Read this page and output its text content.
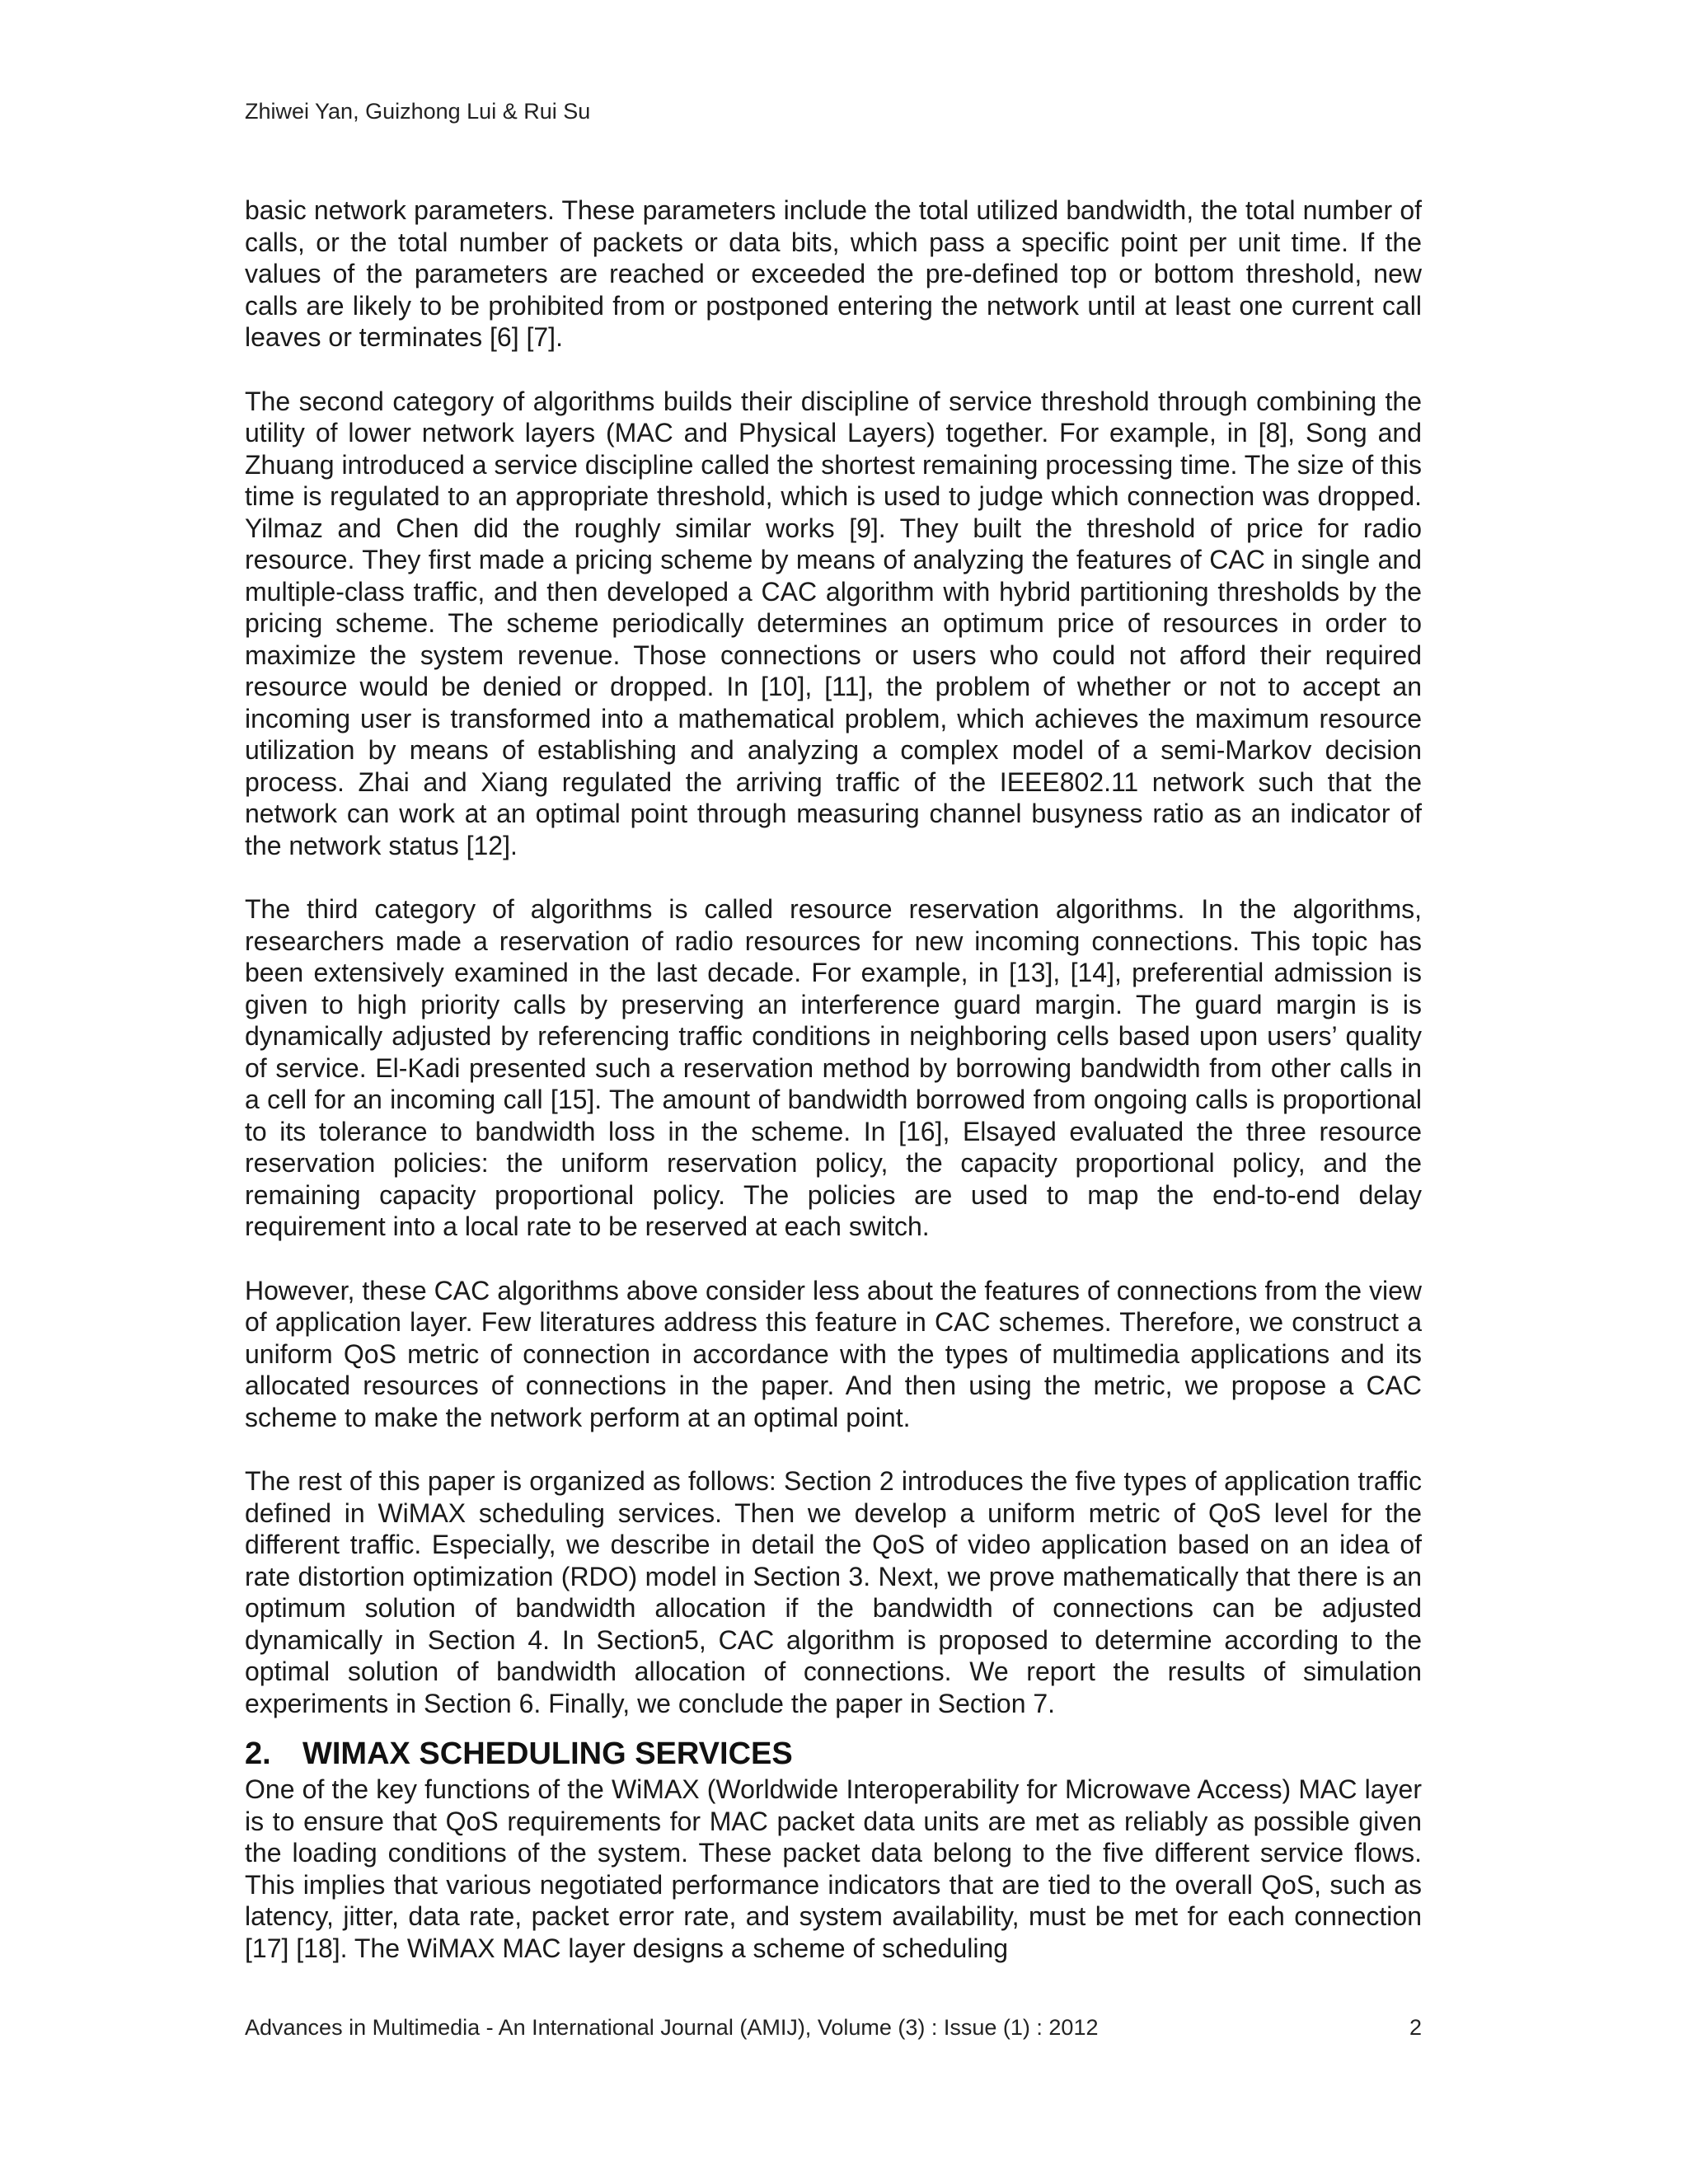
Zhiwei Yan, Guizhong Lui & Rui Su

basic network parameters. These parameters include the total utilized bandwidth, the total number of calls, or the total number of packets or data bits, which pass a specific point per unit time. If the values of the parameters are reached or exceeded the pre-defined top or bottom threshold, new calls are likely to be prohibited from or postponed entering the network until at least one current call leaves or terminates [6] [7].

The second category of algorithms builds their discipline of service threshold through combining the utility of lower network layers (MAC and Physical Layers) together. For example, in [8], Song and Zhuang introduced a service discipline called the shortest remaining processing time. The size of this time is regulated to an appropriate threshold, which is used to judge which connection was dropped. Yilmaz and Chen did the roughly similar works [9]. They built the threshold of price for radio resource. They first made a pricing scheme by means of analyzing the features of CAC in single and multiple-class traffic, and then developed a CAC algorithm with hybrid partitioning thresholds by the pricing scheme. The scheme periodically determines an optimum price of resources in order to maximize the system revenue. Those connections or users who could not afford their required resource would be denied or dropped. In [10], [11], the problem of whether or not to accept an incoming user is transformed into a mathematical problem, which achieves the maximum resource utilization by means of establishing and analyzing a complex model of a semi-Markov decision process. Zhai and Xiang regulated the arriving traffic of the IEEE802.11 network such that the network can work at an optimal point through measuring channel busyness ratio as an indicator of the network status [12].

The third category of algorithms is called resource reservation algorithms. In the algorithms, researchers made a reservation of radio resources for new incoming connections. This topic has been extensively examined in the last decade. For example, in [13], [14], preferential admission is given to high priority calls by preserving an interference guard margin. The guard margin is is dynamically adjusted by referencing traffic conditions in neighboring cells based upon users’ quality of service. El-Kadi presented such a reservation method by borrowing bandwidth from other calls in a cell for an incoming call [15]. The amount of bandwidth borrowed from ongoing calls is proportional to its tolerance to bandwidth loss in the scheme. In [16], Elsayed evaluated the three resource reservation policies: the uniform reservation policy, the capacity proportional policy, and the remaining capacity proportional policy. The policies are used to map the end-to-end delay requirement into a local rate to be reserved at each switch.

However, these CAC algorithms above consider less about the features of connections from the view of application layer. Few literatures address this feature in CAC schemes. Therefore, we construct a uniform QoS metric of connection in accordance with the types of multimedia applications and its allocated resources of connections in the paper. And then using the metric, we propose a CAC scheme to make the network perform at an optimal point.

The rest of this paper is organized as follows: Section 2 introduces the five types of application traffic defined in WiMAX scheduling services. Then we develop a uniform metric of QoS level for the different traffic. Especially, we describe in detail the QoS of video application based on an idea of rate distortion optimization (RDO) model in Section 3. Next, we prove mathematically that there is an optimum solution of bandwidth allocation if the bandwidth of connections can be adjusted dynamically in Section 4. In Section5, CAC algorithm is proposed to determine according to the optimal solution of bandwidth allocation of connections. We report the results of simulation experiments in Section 6. Finally, we conclude the paper in Section 7.

2. WIMAX SCHEDULING SERVICES

One of the key functions of the WiMAX (Worldwide Interoperability for Microwave Access) MAC layer is to ensure that QoS requirements for MAC packet data units are met as reliably as possible given the loading conditions of the system. These packet data belong to the five different service flows. This implies that various negotiated performance indicators that are tied to the overall QoS, such as latency, jitter, data rate, packet error rate, and system availability, must be met for each connection [17] [18]. The WiMAX MAC layer designs a scheme of scheduling

Advances in Multimedia - An International Journal (AMIJ), Volume (3) : Issue (1) : 2012	2
